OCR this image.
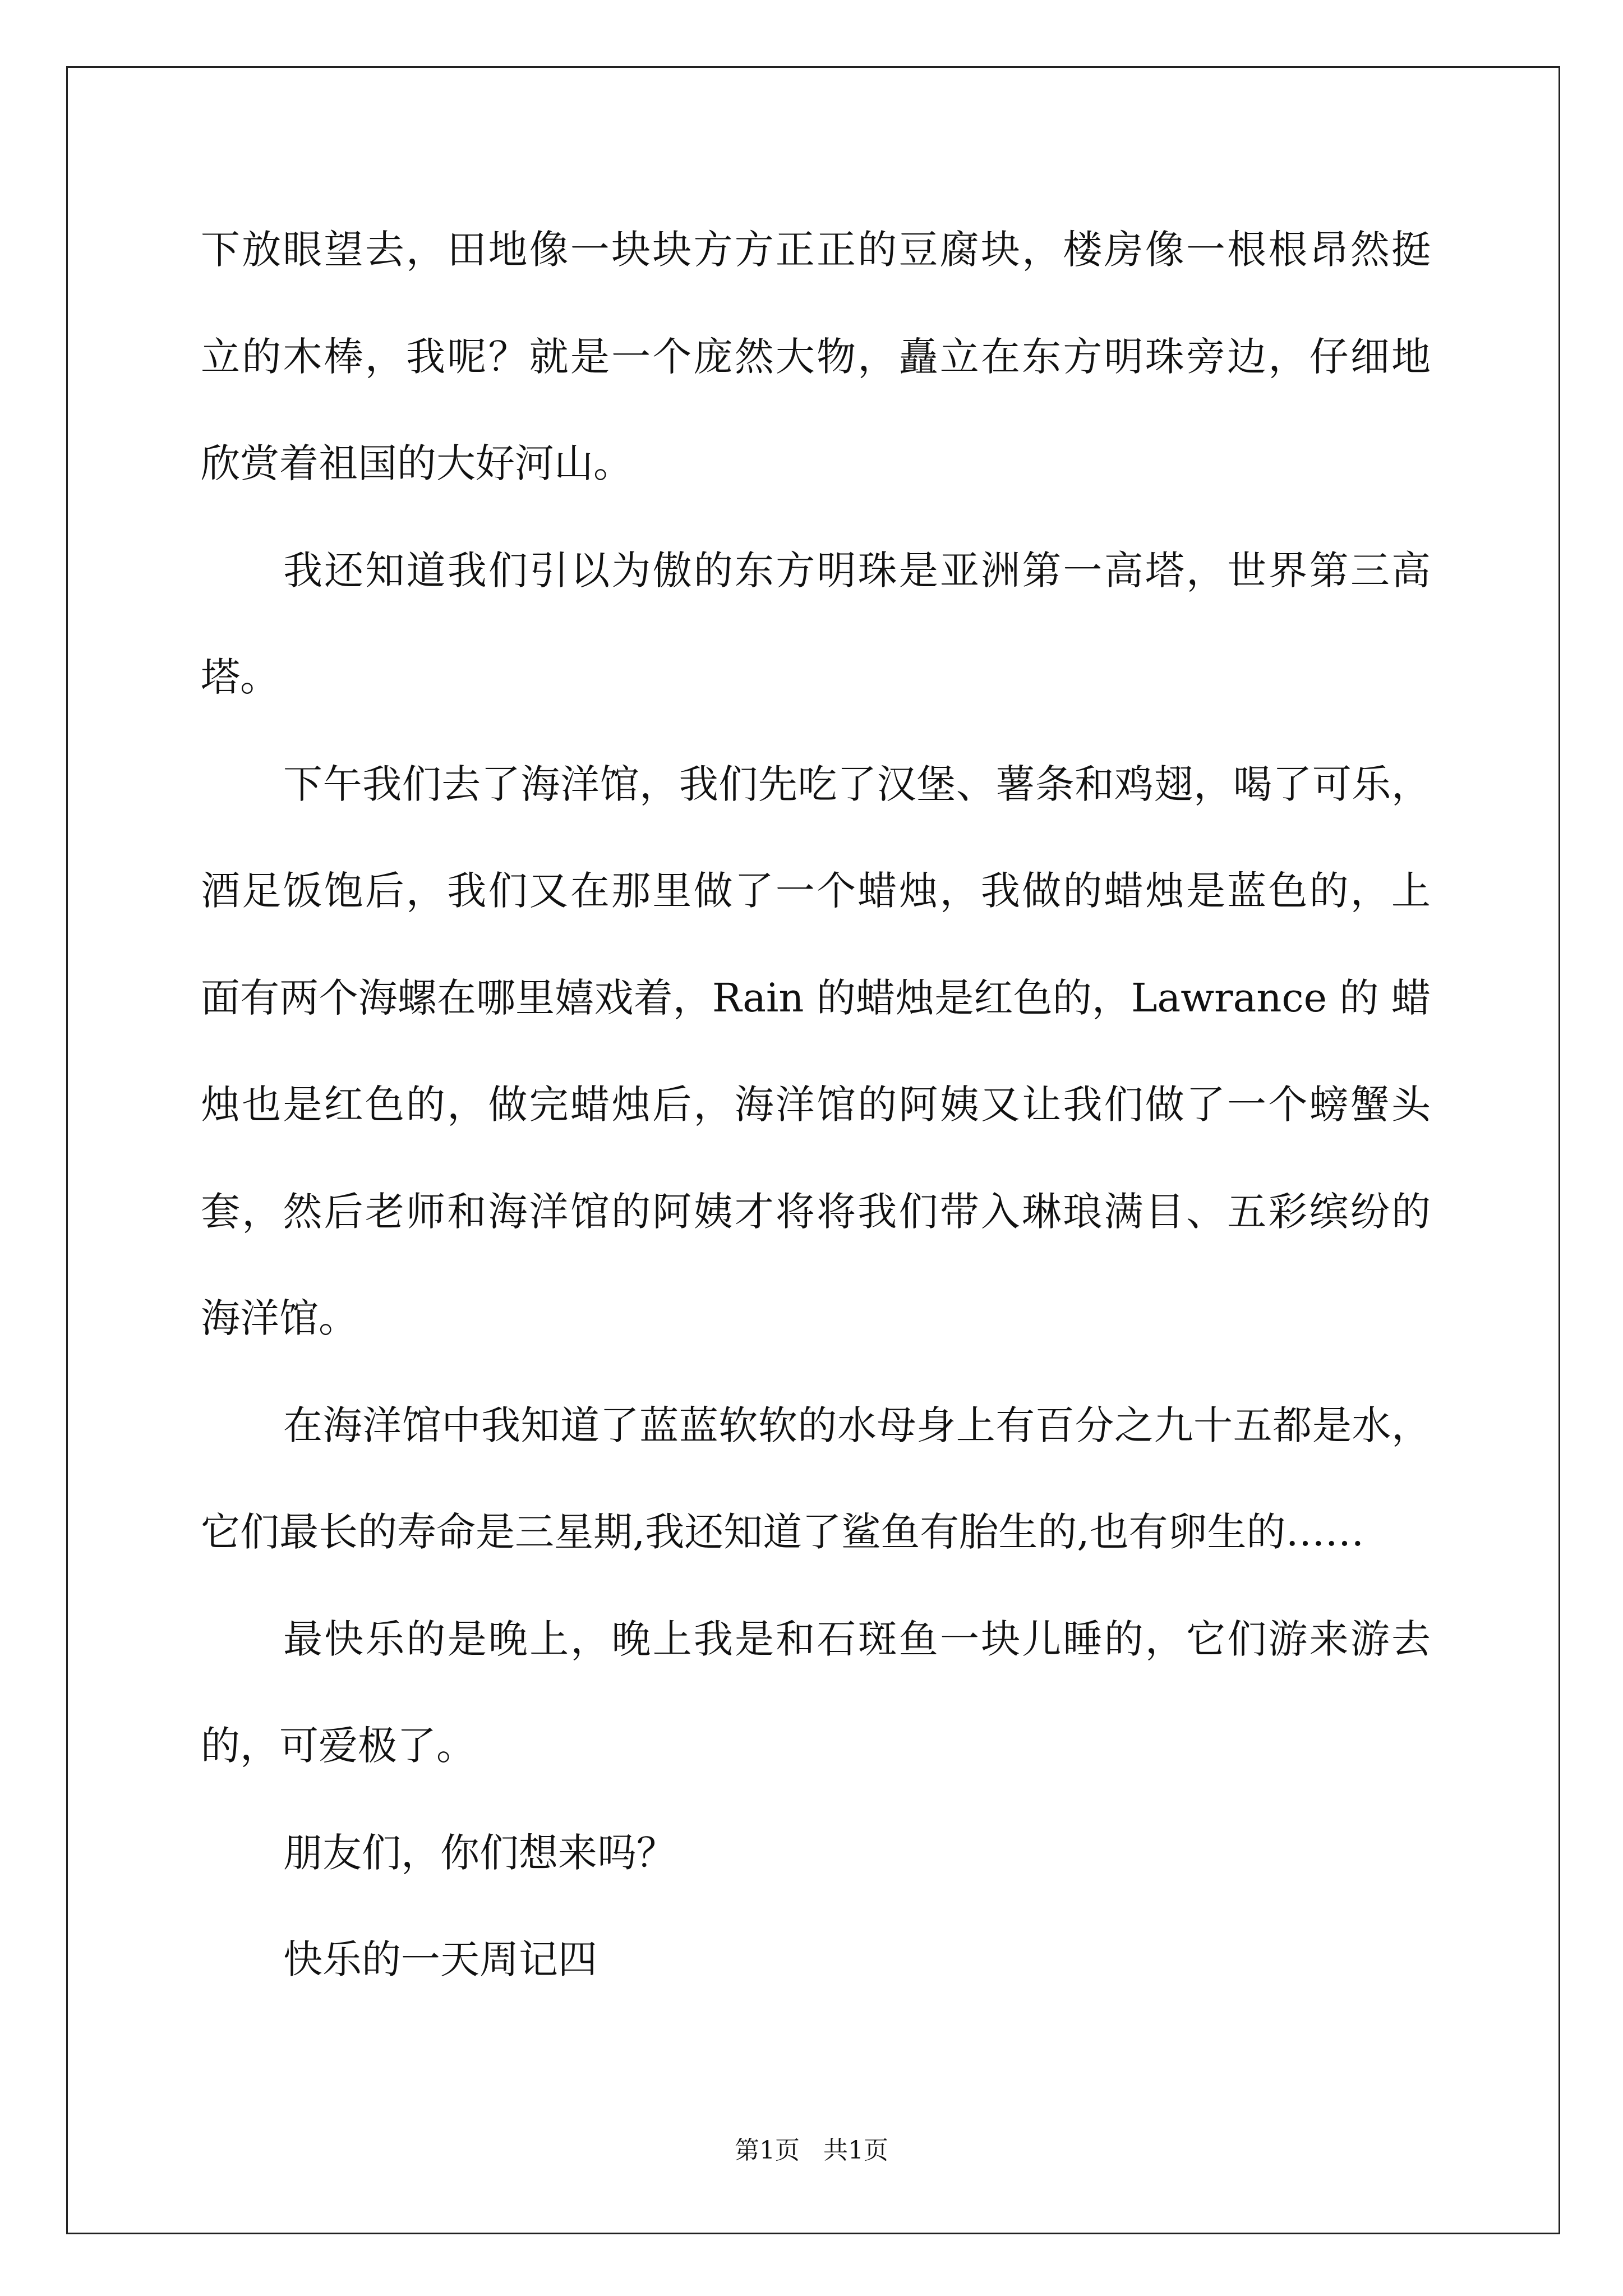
下放眼望去，田地像一块块方方正正的豆腐块，楼房像一根根昂然挺
立的木棒，我呢？就是一个庞然大物，矗立在东方明珠旁边，仔细地
欣赏着祖国的大好河山。
我还知道我们引以为傲的东方明珠是亚洲第一高塔，世界第三高
塔。
下午我们去了海洋馆，我们先吃了汉堡、薯条和鸡翅，喝了可乐，
酒足饭饱后，我们又在那里做了一个蜡烛，我做的蜡烛是蓝色的，上
面有两个海螺在哪里嬉戏着，Rain 的蜡烛是红色的，Lawrance 的 蜡
烛也是红色的，做完蜡烛后，海洋馆的阿姨又让我们做了一个螃蟹头
套，然后老师和海洋馆的阿姨才将将我们带入琳琅满目、五彩缤纷的
海洋馆。
在海洋馆中我知道了蓝蓝软软的水母身上有百分之九十五都是水，
它们最长的寿命是三星期,我还知道了鲨鱼有胎生的,也有卵生的……
最快乐的是晚上，晚上我是和石斑鱼一块儿睡的，它们游来游去
的，可爱极了。
朋友们，你们想来吗？
快乐的一天周记四
第1页   共1页
